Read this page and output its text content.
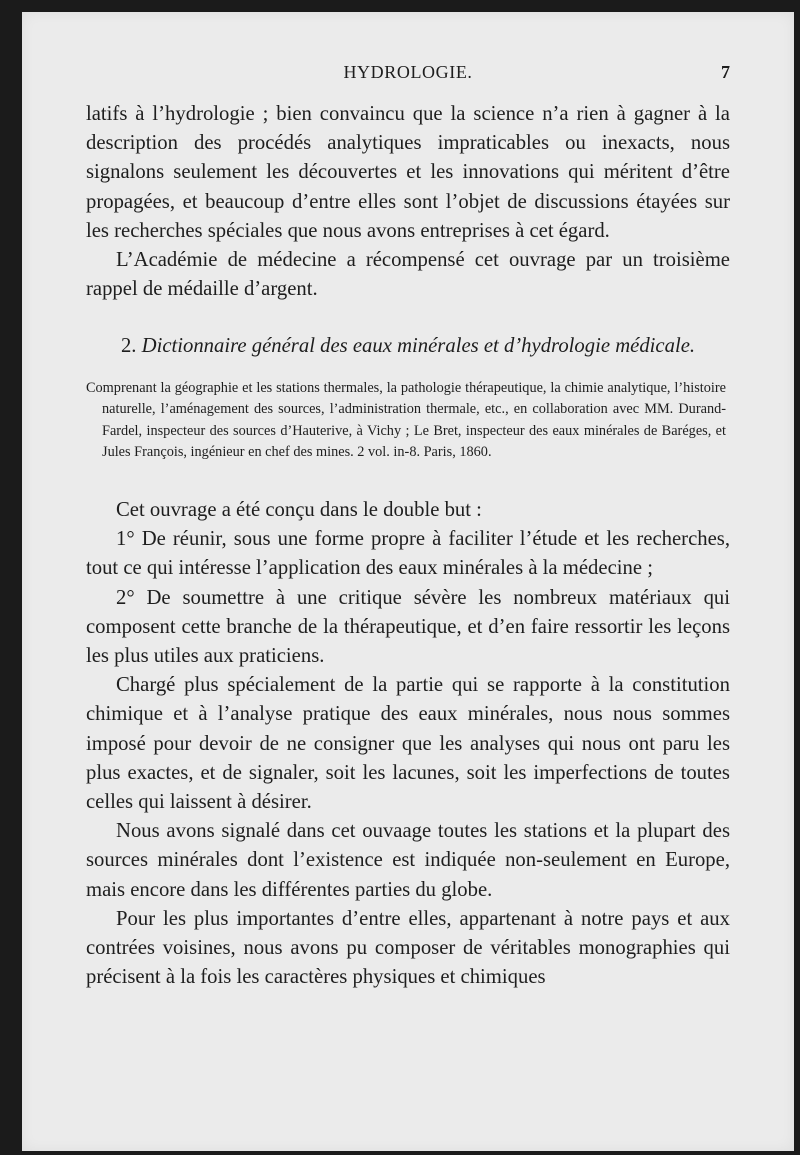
HYDROLOGIE.	7

latifs à l’hydrologie ; bien convaincu que la science n’a rien à gagner à la description des procédés analytiques impraticables ou inexacts, nous signalons seulement les découvertes et les innovations qui méritent d’être propagées, et beaucoup d’entre elles sont l’objet de discussions étayées sur les recherches spéciales que nous avons entreprises à cet égard.

L’Académie de médecine a récompensé cet ouvrage par un troisième rappel de médaille d’argent.

2. Dictionnaire général des eaux minérales et d’hydrologie médicale.
Comprenant la géographie et les stations thermales, la pathologie thérapeutique, la chimie analytique, l’histoire naturelle, l’aménagement des sources, l’administration thermale, etc., en collaboration avec MM. Durand-Fardel, inspecteur des sources d’Hauterive, à Vichy ; Le Bret, inspecteur des eaux minérales de Baréges, et Jules François, ingénieur en chef des mines. 2 vol. in-8. Paris, 1860.

Cet ouvrage a été conçu dans le double but :

1° De réunir, sous une forme propre à faciliter l’étude et les recherches, tout ce qui intéresse l’application des eaux minérales à la médecine ;

2° De soumettre à une critique sévère les nombreux matériaux qui composent cette branche de la thérapeutique, et d’en faire ressortir les leçons les plus utiles aux praticiens.

Chargé plus spécialement de la partie qui se rapporte à la constitution chimique et à l’analyse pratique des eaux minérales, nous nous sommes imposé pour devoir de ne consigner que les analyses qui nous ont paru les plus exactes, et de signaler, soit les lacunes, soit les imperfections de toutes celles qui laissent à désirer.

Nous avons signalé dans cet ouvaage toutes les stations et la plupart des sources minérales dont l’existence est indiquée non-seulement en Europe, mais encore dans les différentes parties du globe.

Pour les plus importantes d’entre elles, appartenant à notre pays et aux contrées voisines, nous avons pu composer de véritables monographies qui précisent à la fois les caractères physiques et chimiques
